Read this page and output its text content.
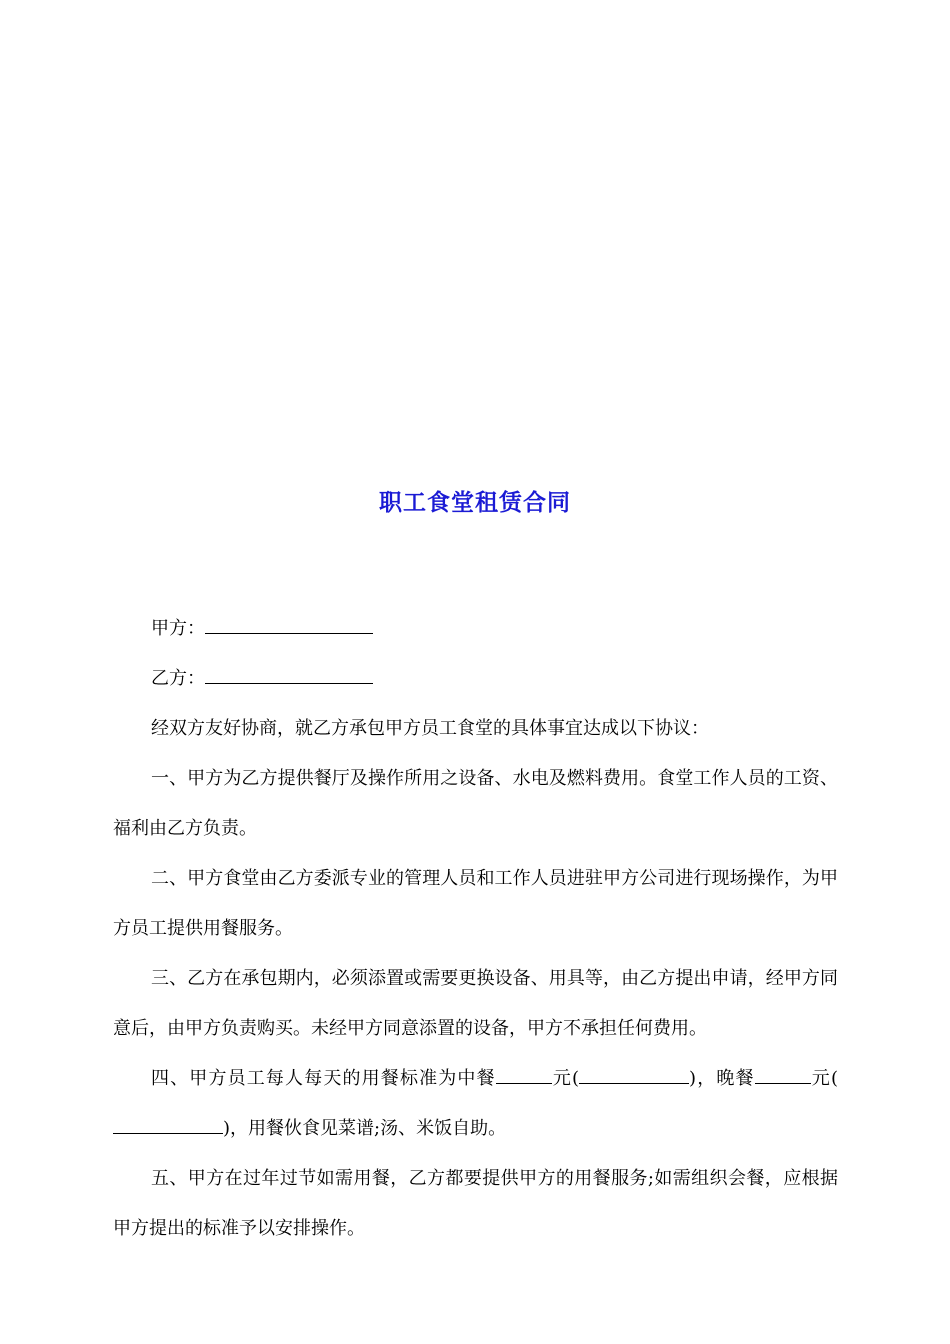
职工食堂租赁合同

甲方：

乙方：

经双方友好协商，就乙方承包甲方员工食堂的具体事宜达成以下协议：

一、甲方为乙方提供餐厅及操作所用之设备、水电及燃料费用。食堂工作人员的工资、福利由乙方负责。

二、甲方食堂由乙方委派专业的管理人员和工作人员进驻甲方公司进行现场操作，为甲方员工提供用餐服务。

三、乙方在承包期内，必须添置或需要更换设备、用具等，由乙方提出申请，经甲方同意后，由甲方负责购买。未经甲方同意添置的设备，甲方不承担任何费用。

四、甲方员工每人每天的用餐标准为中餐	元(	)，晚餐	元()，用餐伙食见菜谱;汤、米饭自助。

五、甲方在过年过节如需用餐，乙方都要提供甲方的用餐服务;如需组织会餐，应根据甲方提出的标准予以安排操作。
